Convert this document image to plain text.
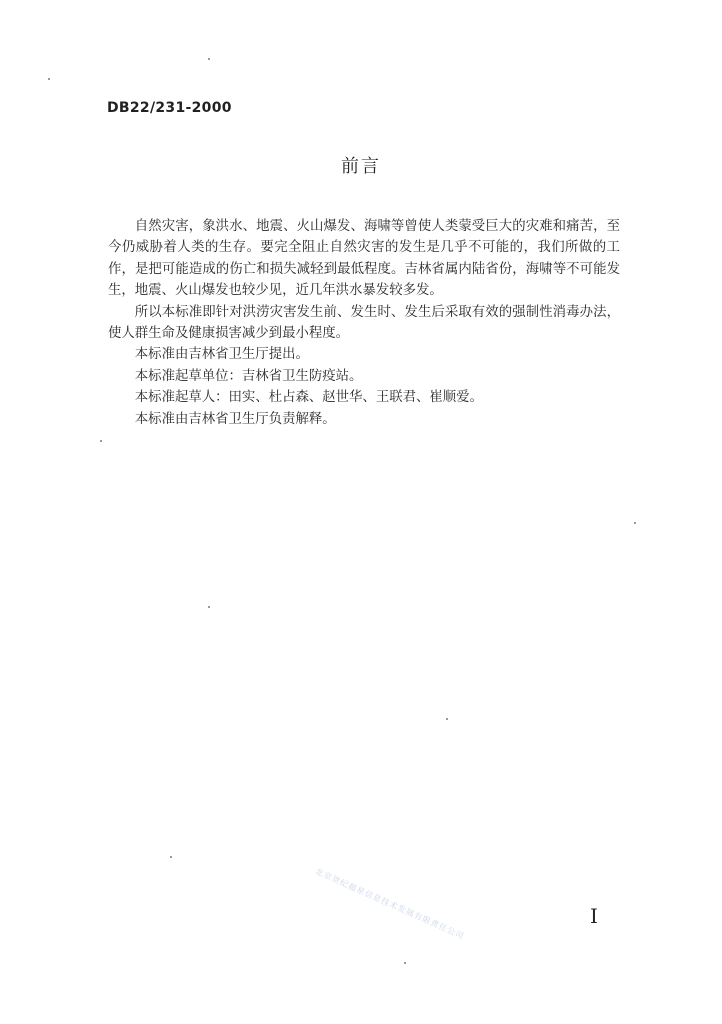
DB22/231-2000
前言

自然灾害，象洪水、地震、火山爆发、海啸等曾使人类蒙受巨大的灾难和痛苦，至今仍威胁着人类的生存。要完全阻止自然灾害的发生是几乎不可能的，我们所做的工作，是把可能造成的伤亡和损失减轻到最低程度。吉林省属内陆省份，海啸等不可能发生，地震、火山爆发也较少见，近几年洪水暴发较多发。

所以本标准即针对洪涝灾害发生前、发生时、发生后采取有效的强制性消毒办法，使人群生命及健康损害减少到最小程度。

本标准由吉林省卫生厅提出。

本标准起草单位：吉林省卫生防疫站。

本标准起草人：田实、杜占森、赵世华、王联君、崔顺爱。

本标准由吉林省卫生厅负责解释。

北京世纪超星信息技术发展有限责任公司	I
